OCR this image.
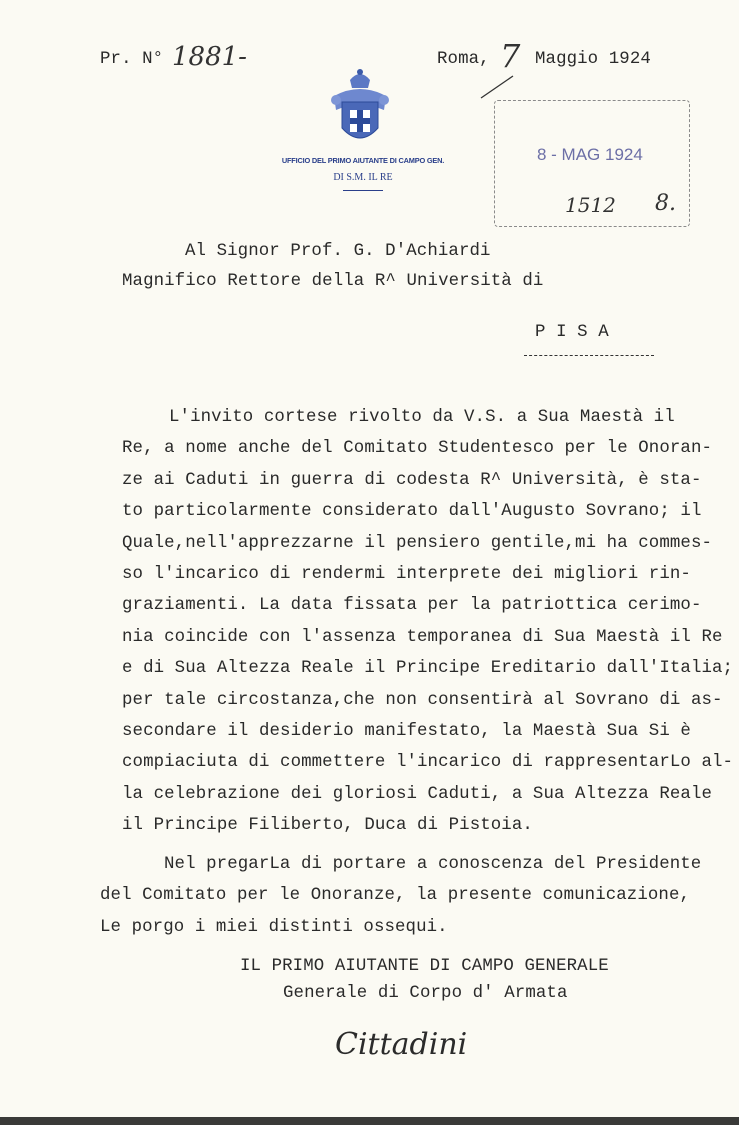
Pr. N° 1881-	Roma, 7 Maggio 1924
UFFICIO DEL PRIMO AIUTANTE DI CAMPO GEN.
DI S.M. IL RE
8 - MAG 1924
1512 8.
Al Signor Prof. G. D'Achiardi
Magnifico Rettore della R^ Università di
P I S A
L'invito cortese rivolto da V.S. a Sua Maestà il
Re, a nome anche del Comitato Studentesco per le Onoran-
ze ai Caduti in guerra di codesta R^ Università, è sta-
to particolarmente considerato dall'Augusto Sovrano; il
Quale,nell'apprezzarne il pensiero gentile,mi ha commes-
so l'incarico di rendermi interprete dei migliori rin-
graziamenti. La data fissata per la patriottica cerimo-
nia coincide con l'assenza temporanea di Sua Maestà il Re
e di Sua Altezza Reale il Principe Ereditario dall'Italia;
per tale circostanza,che non consentirà al Sovrano di as-
secondare il desiderio manifestato, la Maestà Sua Si è
compiaciuta di commettere l'incarico di rappresentarLo al-
la celebrazione dei gloriosi Caduti, a Sua Altezza Reale
il Principe Filiberto, Duca di Pistoia.
Nel pregarLa di portare a conoscenza del Presidente
del Comitato per le Onoranze, la presente comunicazione,
Le porgo i miei distinti ossequi.
IL PRIMO AIUTANTE DI CAMPO GENERALE
Generale di Corpo d' Armata
Cittadini
